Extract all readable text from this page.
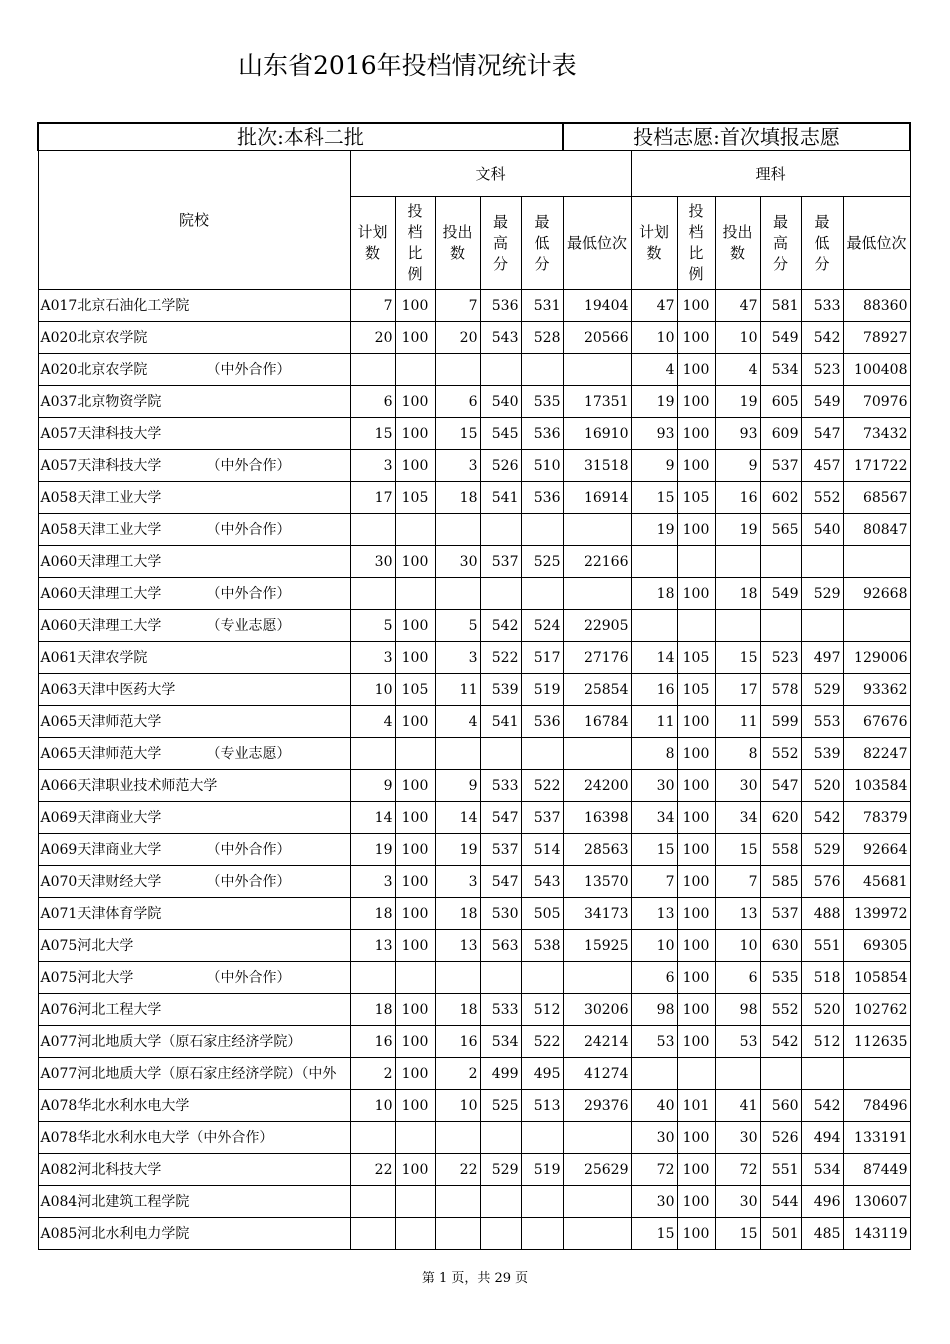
山东省2016年投档情况统计表
批次:本科二批						投档志愿:首次填报志愿						
院校	文科						理科					
	计划数	投档比例	投出数	最高分	最低分	最低位次	计划数	投档比例	投出数	最高分	最低分	最低位次
A017北京石油化工学院	7	100	7	536	531	19404	47	100	47	581	533	88360
A020北京农学院	20	100	20	543	528	20566	10	100	10	549	542	78927
A020北京农学院 （中外合作）							4	100	4	534	523	100408
A037北京物资学院	6	100	6	540	535	17351	19	100	19	605	549	70976
A057天津科技大学	15	100	15	545	536	16910	93	100	93	609	547	73432
A057天津科技大学 （中外合作）	3	100	3	526	510	31518	9	100	9	537	457	171722
A058天津工业大学	17	105	18	541	536	16914	15	105	16	602	552	68567
A058天津工业大学 （中外合作）							19	100	19	565	540	80847
A060天津理工大学	30	100	30	537	525	22166						
A060天津理工大学 （中外合作）							18	100	18	549	529	92668
A060天津理工大学 （专业志愿）	5	100	5	542	524	22905						
A061天津农学院	3	100	3	522	517	27176	14	105	15	523	497	129006
A063天津中医药大学	10	105	11	539	519	25854	16	105	17	578	529	93362
A065天津师范大学	4	100	4	541	536	16784	11	100	11	599	553	67676
A065天津师范大学 （专业志愿）							8	100	8	552	539	82247
A066天津职业技术师范大学	9	100	9	533	522	24200	30	100	30	547	520	103584
A069天津商业大学	14	100	14	547	537	16398	34	100	34	620	542	78379
A069天津商业大学 （中外合作）	19	100	19	537	514	28563	15	100	15	558	529	92664
A070天津财经大学 （中外合作）	3	100	3	547	543	13570	7	100	7	585	576	45681
A071天津体育学院	18	100	18	530	505	34173	13	100	13	537	488	139972
A075河北大学	13	100	13	563	538	15925	10	100	10	630	551	69305
A075河北大学 （中外合作）							6	100	6	535	518	105854
A076河北工程大学	18	100	18	533	512	30206	98	100	98	552	520	102762
A077河北地质大学（原石家庄经济学院）	16	100	16	534	522	24214	53	100	53	542	512	112635
A077河北地质大学（原石家庄经济学院）（中外	2	100	2	499	495	41274						
A078华北水利水电大学	10	100	10	525	513	29376	40	101	41	560	542	78496
A078华北水利水电大学（中外合作）							30	100	30	526	494	133191
A082河北科技大学	22	100	22	529	519	25629	72	100	72	551	534	87449
A084河北建筑工程学院							30	100	30	544	496	130607
A085河北水利电力学院							15	100	15	501	485	143119
第 1 页，共 29 页
